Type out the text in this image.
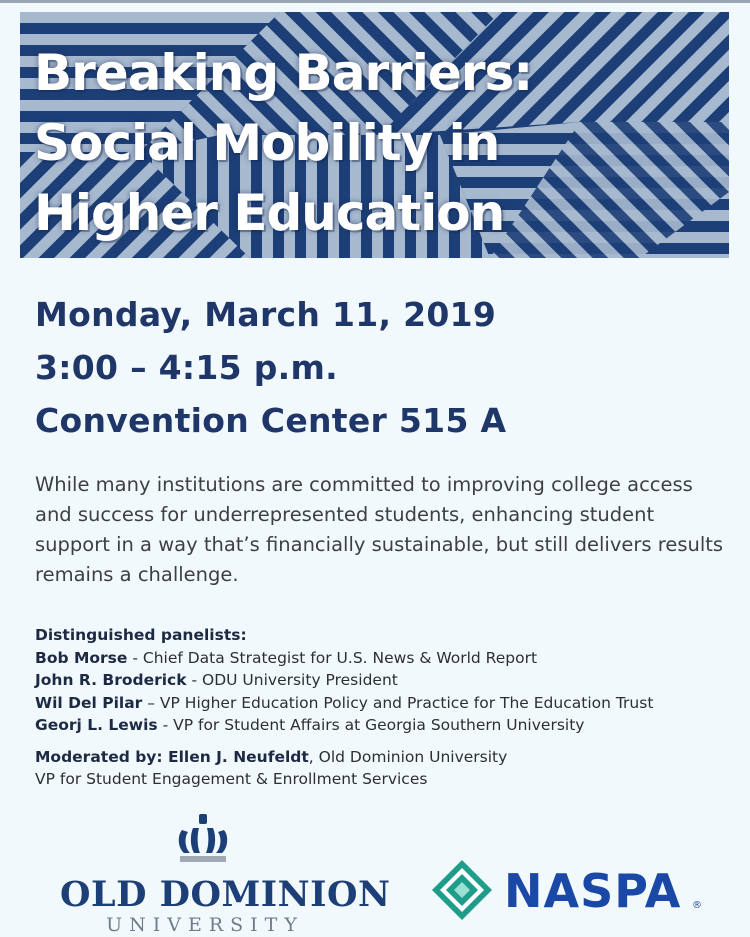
Breaking Barriers:
Social Mobility in
Higher Education
Monday, March 11, 2019
3:00 – 4:15 p.m.
Convention Center 515 A

While many institutions are committed to improving college access and success for underrepresented students, enhancing student support in a way that’s financially sustainable, but still delivers results remains a challenge.

Distinguished panelists:
Bob Morse - Chief Data Strategist for U.S. News & World Report
John R. Broderick - ODU University President
Wil Del Pilar – VP Higher Education Policy and Practice for The Education Trust
Georj L. Lewis - VP for Student Affairs at Georgia Southern University
Moderated by: Ellen J. Neufeldt, Old Dominion University
VP for Student Engagement & Enrollment Services
OLD DOMINION
UNIVERSITY
NASPA ®
